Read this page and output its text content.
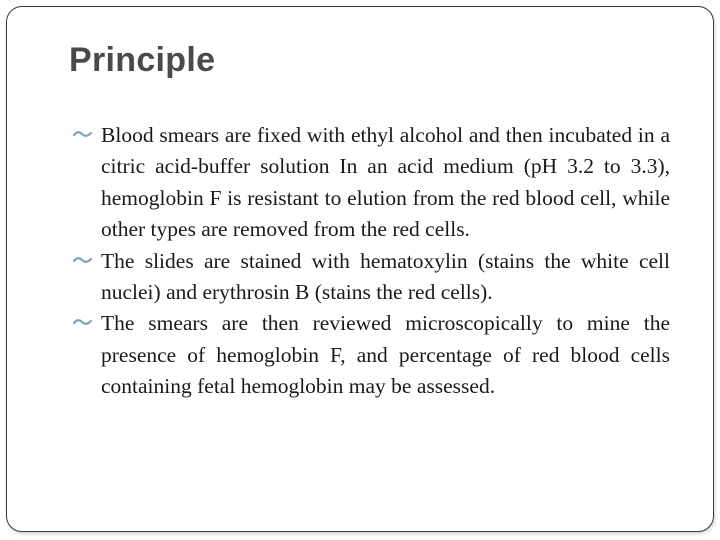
Principle
Blood smears are fixed with ethyl alcohol and then incubated in a citric acid-buffer solution In an acid medium (pH 3.2 to 3.3), hemoglobin F is resistant to elution from the red blood cell, while other types are removed from the red cells.
The slides are stained with hematoxylin (stains the white cell nuclei) and erythrosin B (stains the red cells).
The smears are then reviewed microscopically to mine the presence of hemoglobin F, and percentage of red blood cells containing fetal hemoglobin may be assessed.
